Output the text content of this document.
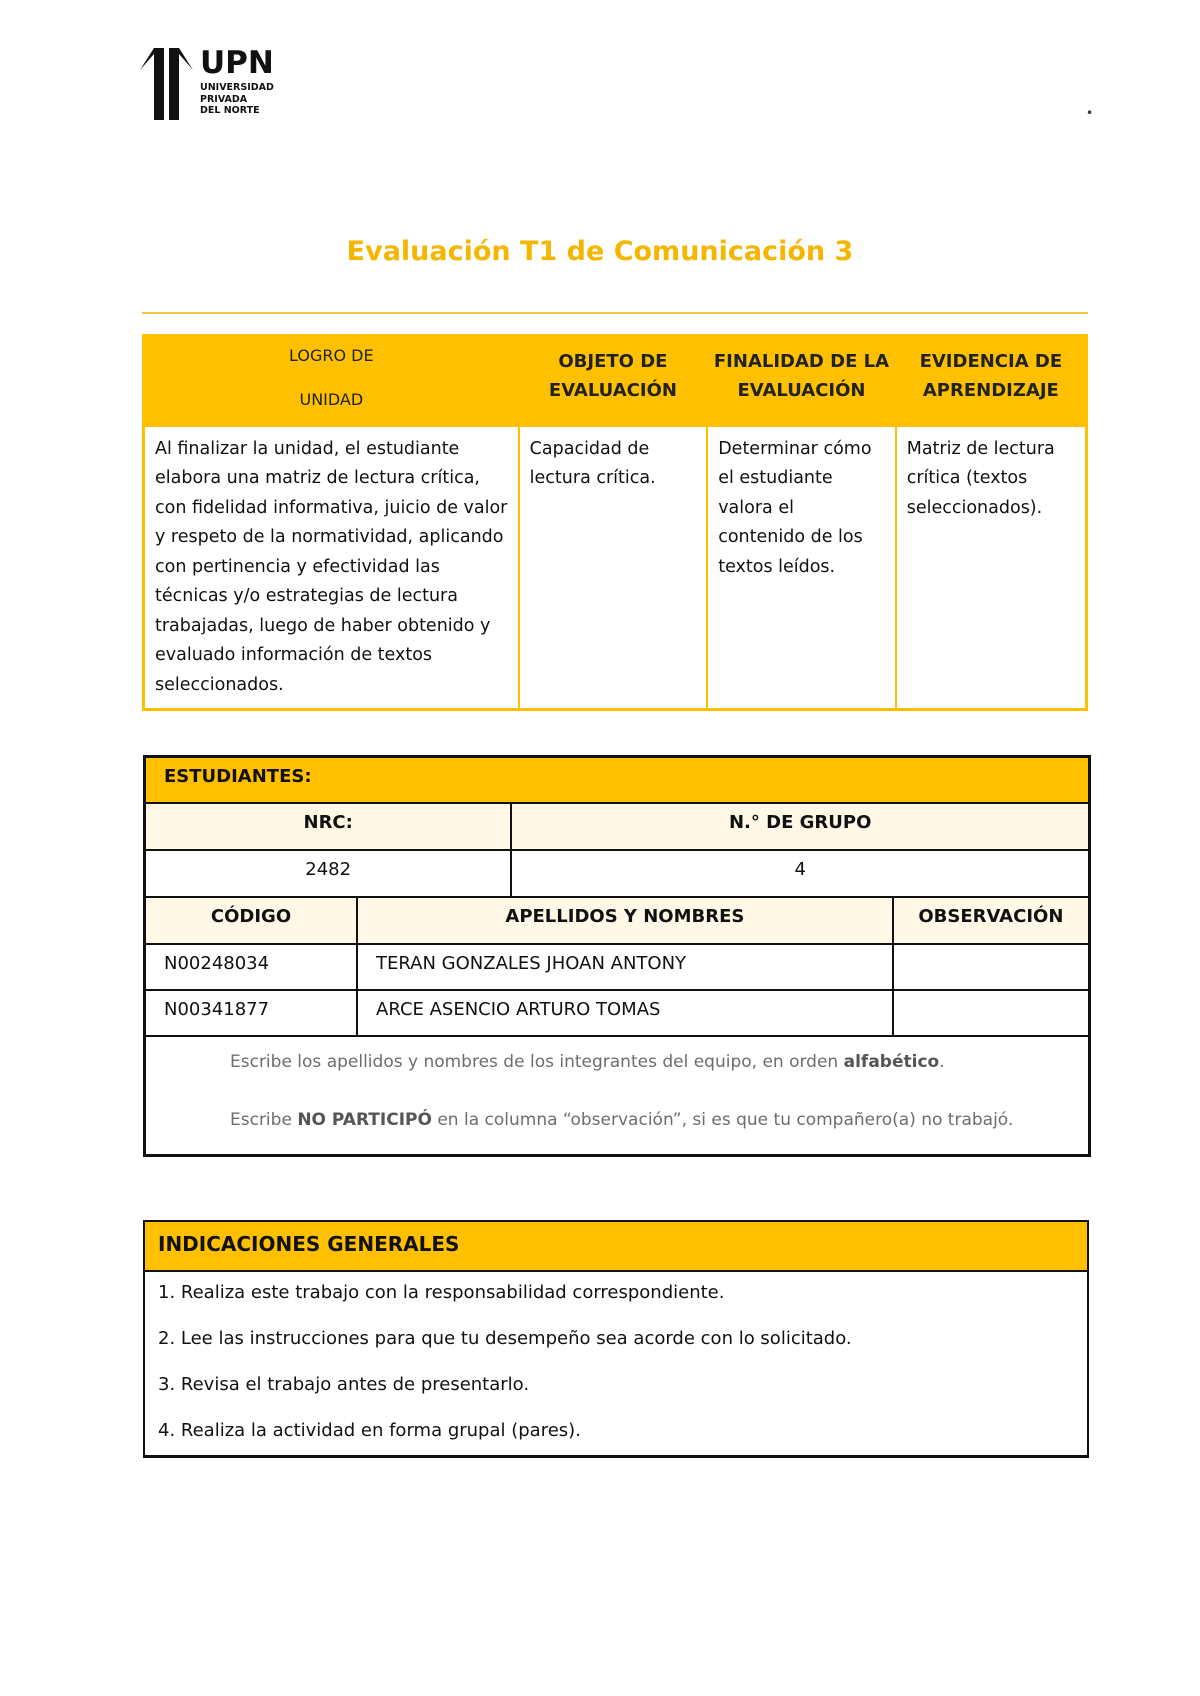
UPN
UNIVERSIDAD
PRIVADA
DEL NORTE	•
Evaluación T1 de Comunicación 3
LOGRO DE
UNIDAD	OBJETO DE EVALUACIÓN	FINALIDAD DE LA EVALUACIÓN	EVIDENCIA DE APRENDIZAJE
Al finalizar la unidad, el estudiante elabora una matriz de lectura crítica, con fidelidad informativa, juicio de valor y respeto de la normatividad, aplicando con pertinencia y efectividad las técnicas y/o estrategias de lectura trabajadas, luego de haber obtenido y evaluado información de textos seleccionados.	Capacidad de lectura crítica.	Determinar cómo el estudiante valora el contenido de los textos leídos.	Matriz de lectura crítica (textos seleccionados).
ESTUDIANTES:			
NRC:		N.° DE GRUPO	
2482		4	
CÓDIGO	APELLIDOS Y NOMBRES		OBSERVACIÓN
N00248034	TERAN GONZALES JHOAN ANTONY		
N00341877	ARCE ASENCIO ARTURO TOMAS		

Escribe los apellidos y nombres de los integrantes del equipo, en orden alfabético.
Escribe NO PARTICIPÓ en la columna “observación”, si es que tu compañero(a) no trabajó.			
INDICACIONES GENERALES

1. Realiza este trabajo con la responsabilidad correspondiente.
2. Lee las instrucciones para que tu desempeño sea acorde con lo solicitado.
3. Revisa el trabajo antes de presentarlo.
4. Realiza la actividad en forma grupal (pares).
